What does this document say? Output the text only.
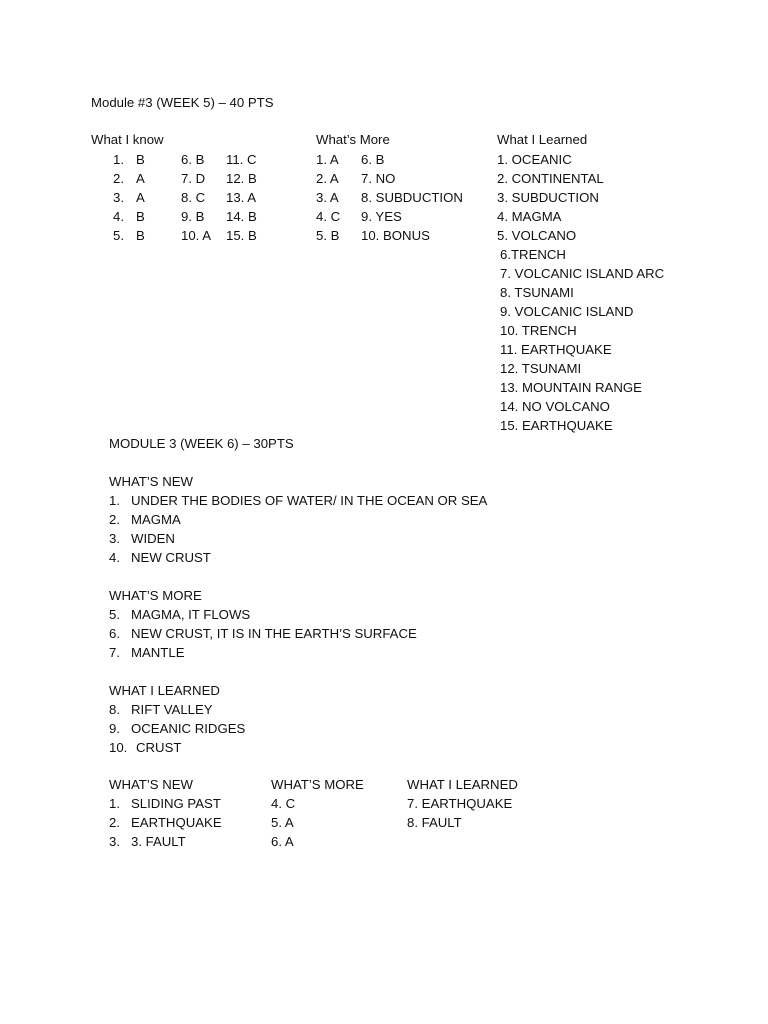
Module #3 (WEEK 5) – 40 PTS
What I know
1. B
2. A
3. A
4. B
5. B
6. B
7. D
8. C
9. B
10. A
11. C
12. B
13. A
14. B
15. B
What’s More
1. A
2. A
3. A
4. C
5. B
6. B
7. NO
8. SUBDUCTION
9. YES
10. BONUS
What I Learned
1. OCEANIC
2. CONTINENTAL
3. SUBDUCTION
4. MAGMA
5. VOLCANO
6.TRENCH
7. VOLCANIC ISLAND ARC
8. TSUNAMI
9. VOLCANIC ISLAND
10. TRENCH
11. EARTHQUAKE
12. TSUNAMI
13. MOUNTAIN RANGE
14. NO VOLCANO
15. EARTHQUAKE
MODULE 3 (WEEK 6) – 30PTS
WHAT’S NEW
1. UNDER THE BODIES OF WATER/ IN THE OCEAN OR SEA
2. MAGMA
3. WIDEN
4. NEW CRUST
WHAT’S MORE
5. MAGMA, IT FLOWS
6. NEW CRUST, IT IS IN THE EARTH’S SURFACE
7. MANTLE
WHAT I LEARNED
8. RIFT VALLEY
9. OCEANIC RIDGES
10. CRUST
WHAT’S NEW
1. SLIDING PAST
2. EARTHQUAKE
3. 3. FAULT
WHAT’S MORE
4. C
5. A
6. A
WHAT I LEARNED
7. EARTHQUAKE
8. FAULT
